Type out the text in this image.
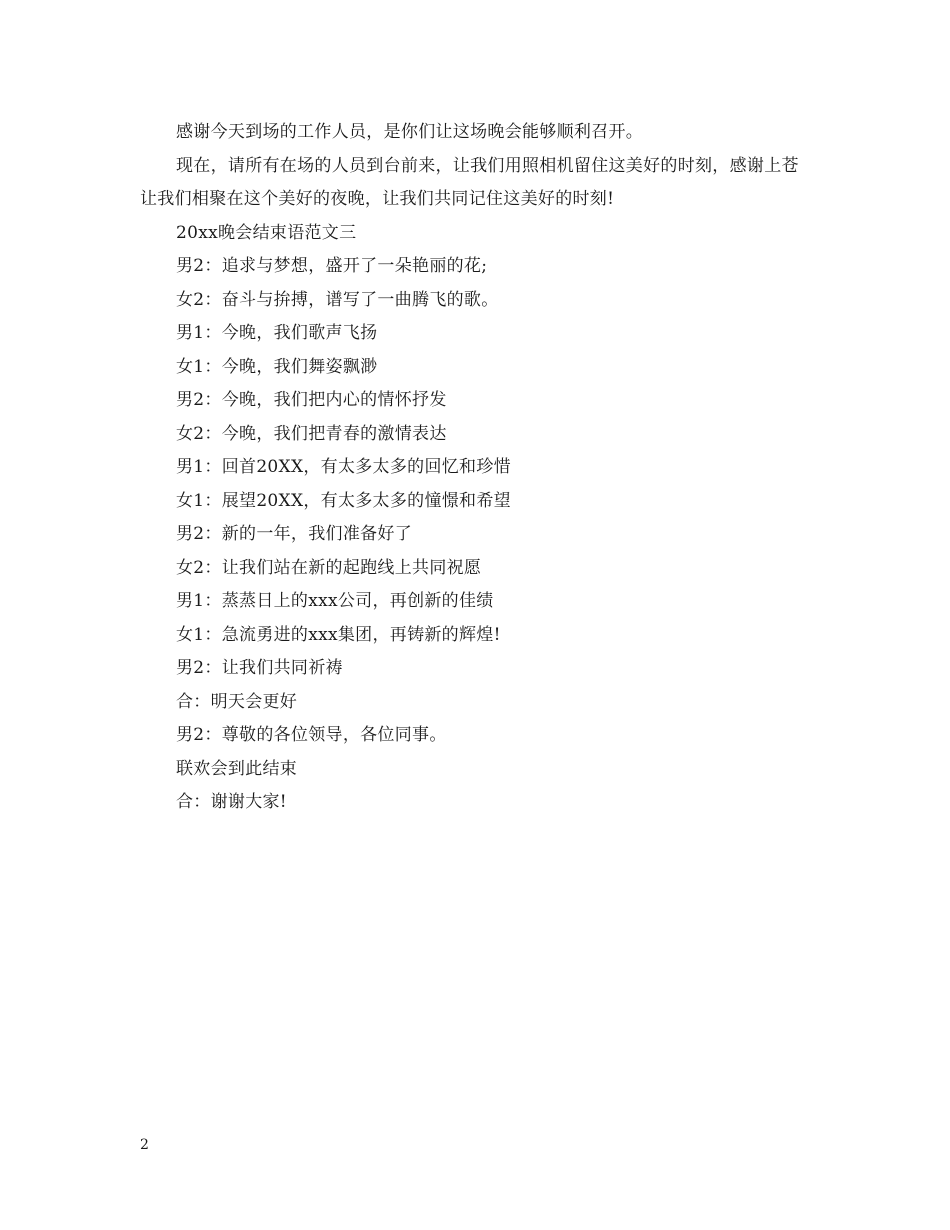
感谢今天到场的工作人员，是你们让这场晚会能够顺利召开。

现在，请所有在场的人员到台前来，让我们用照相机留住这美好的时刻，感谢上苍让我们相聚在这个美好的夜晚，让我们共同记住这美好的时刻!

20xx晚会结束语范文三

男2：追求与梦想，盛开了一朵艳丽的花;

女2：奋斗与拚搏，谱写了一曲腾飞的歌。

男1：今晚，我们歌声飞扬

女1：今晚，我们舞姿飘渺

男2：今晚，我们把内心的情怀抒发

女2：今晚，我们把青春的激情表达

男1：回首20XX，有太多太多的回忆和珍惜

女1：展望20XX，有太多太多的憧憬和希望

男2：新的一年，我们准备好了

女2：让我们站在新的起跑线上共同祝愿

男1：蒸蒸日上的xxx公司，再创新的佳绩

女1：急流勇进的xxx集团，再铸新的辉煌!

男2：让我们共同祈祷

合：明天会更好

男2：尊敬的各位领导，各位同事。

联欢会到此结束

合：谢谢大家!

2
